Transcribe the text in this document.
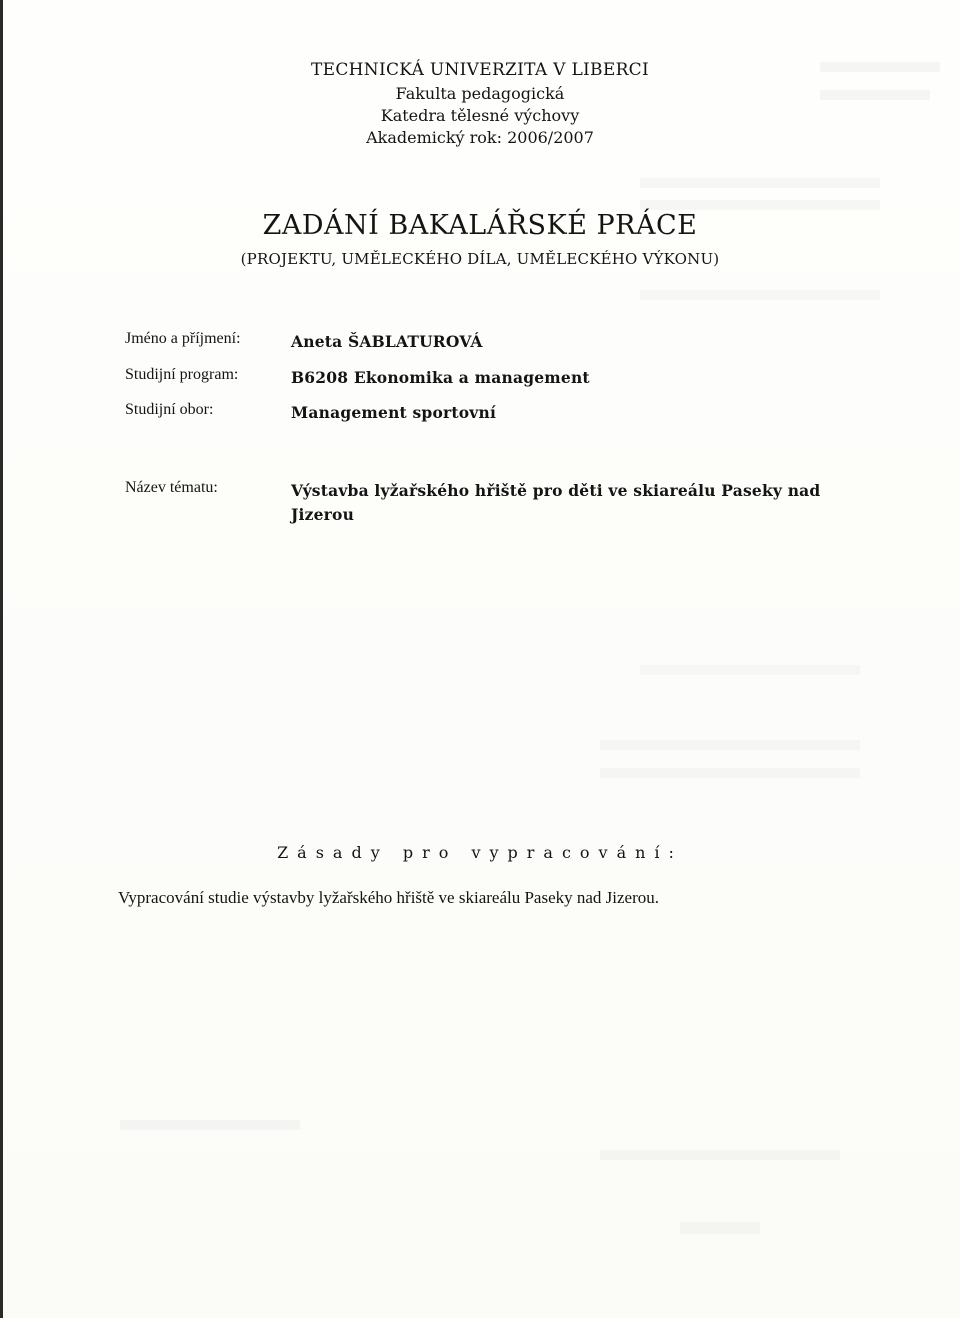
TECHNICKÁ UNIVERZITA V LIBERCI
Fakulta pedagogická
Katedra tělesné výchovy
Akademický rok: 2006/2007
ZADÁNÍ BAKALÁŘSKÉ PRÁCE
(PROJEKTU, UMĚLECKÉHO DÍLA, UMĚLECKÉHO VÝKONU)
Jméno a příjmení:	Aneta ŠABLATUROVÁ
Studijní program:	B6208 Ekonomika a management
Studijní obor:	Management sportovní
Název tématu:	Výstavba lyžařského hřiště pro děti ve skiareálu Paseky nad Jizerou
Zásady pro vypracování:
Vypracování studie výstavby lyžařského hřiště ve skiareálu Paseky nad Jizerou.
